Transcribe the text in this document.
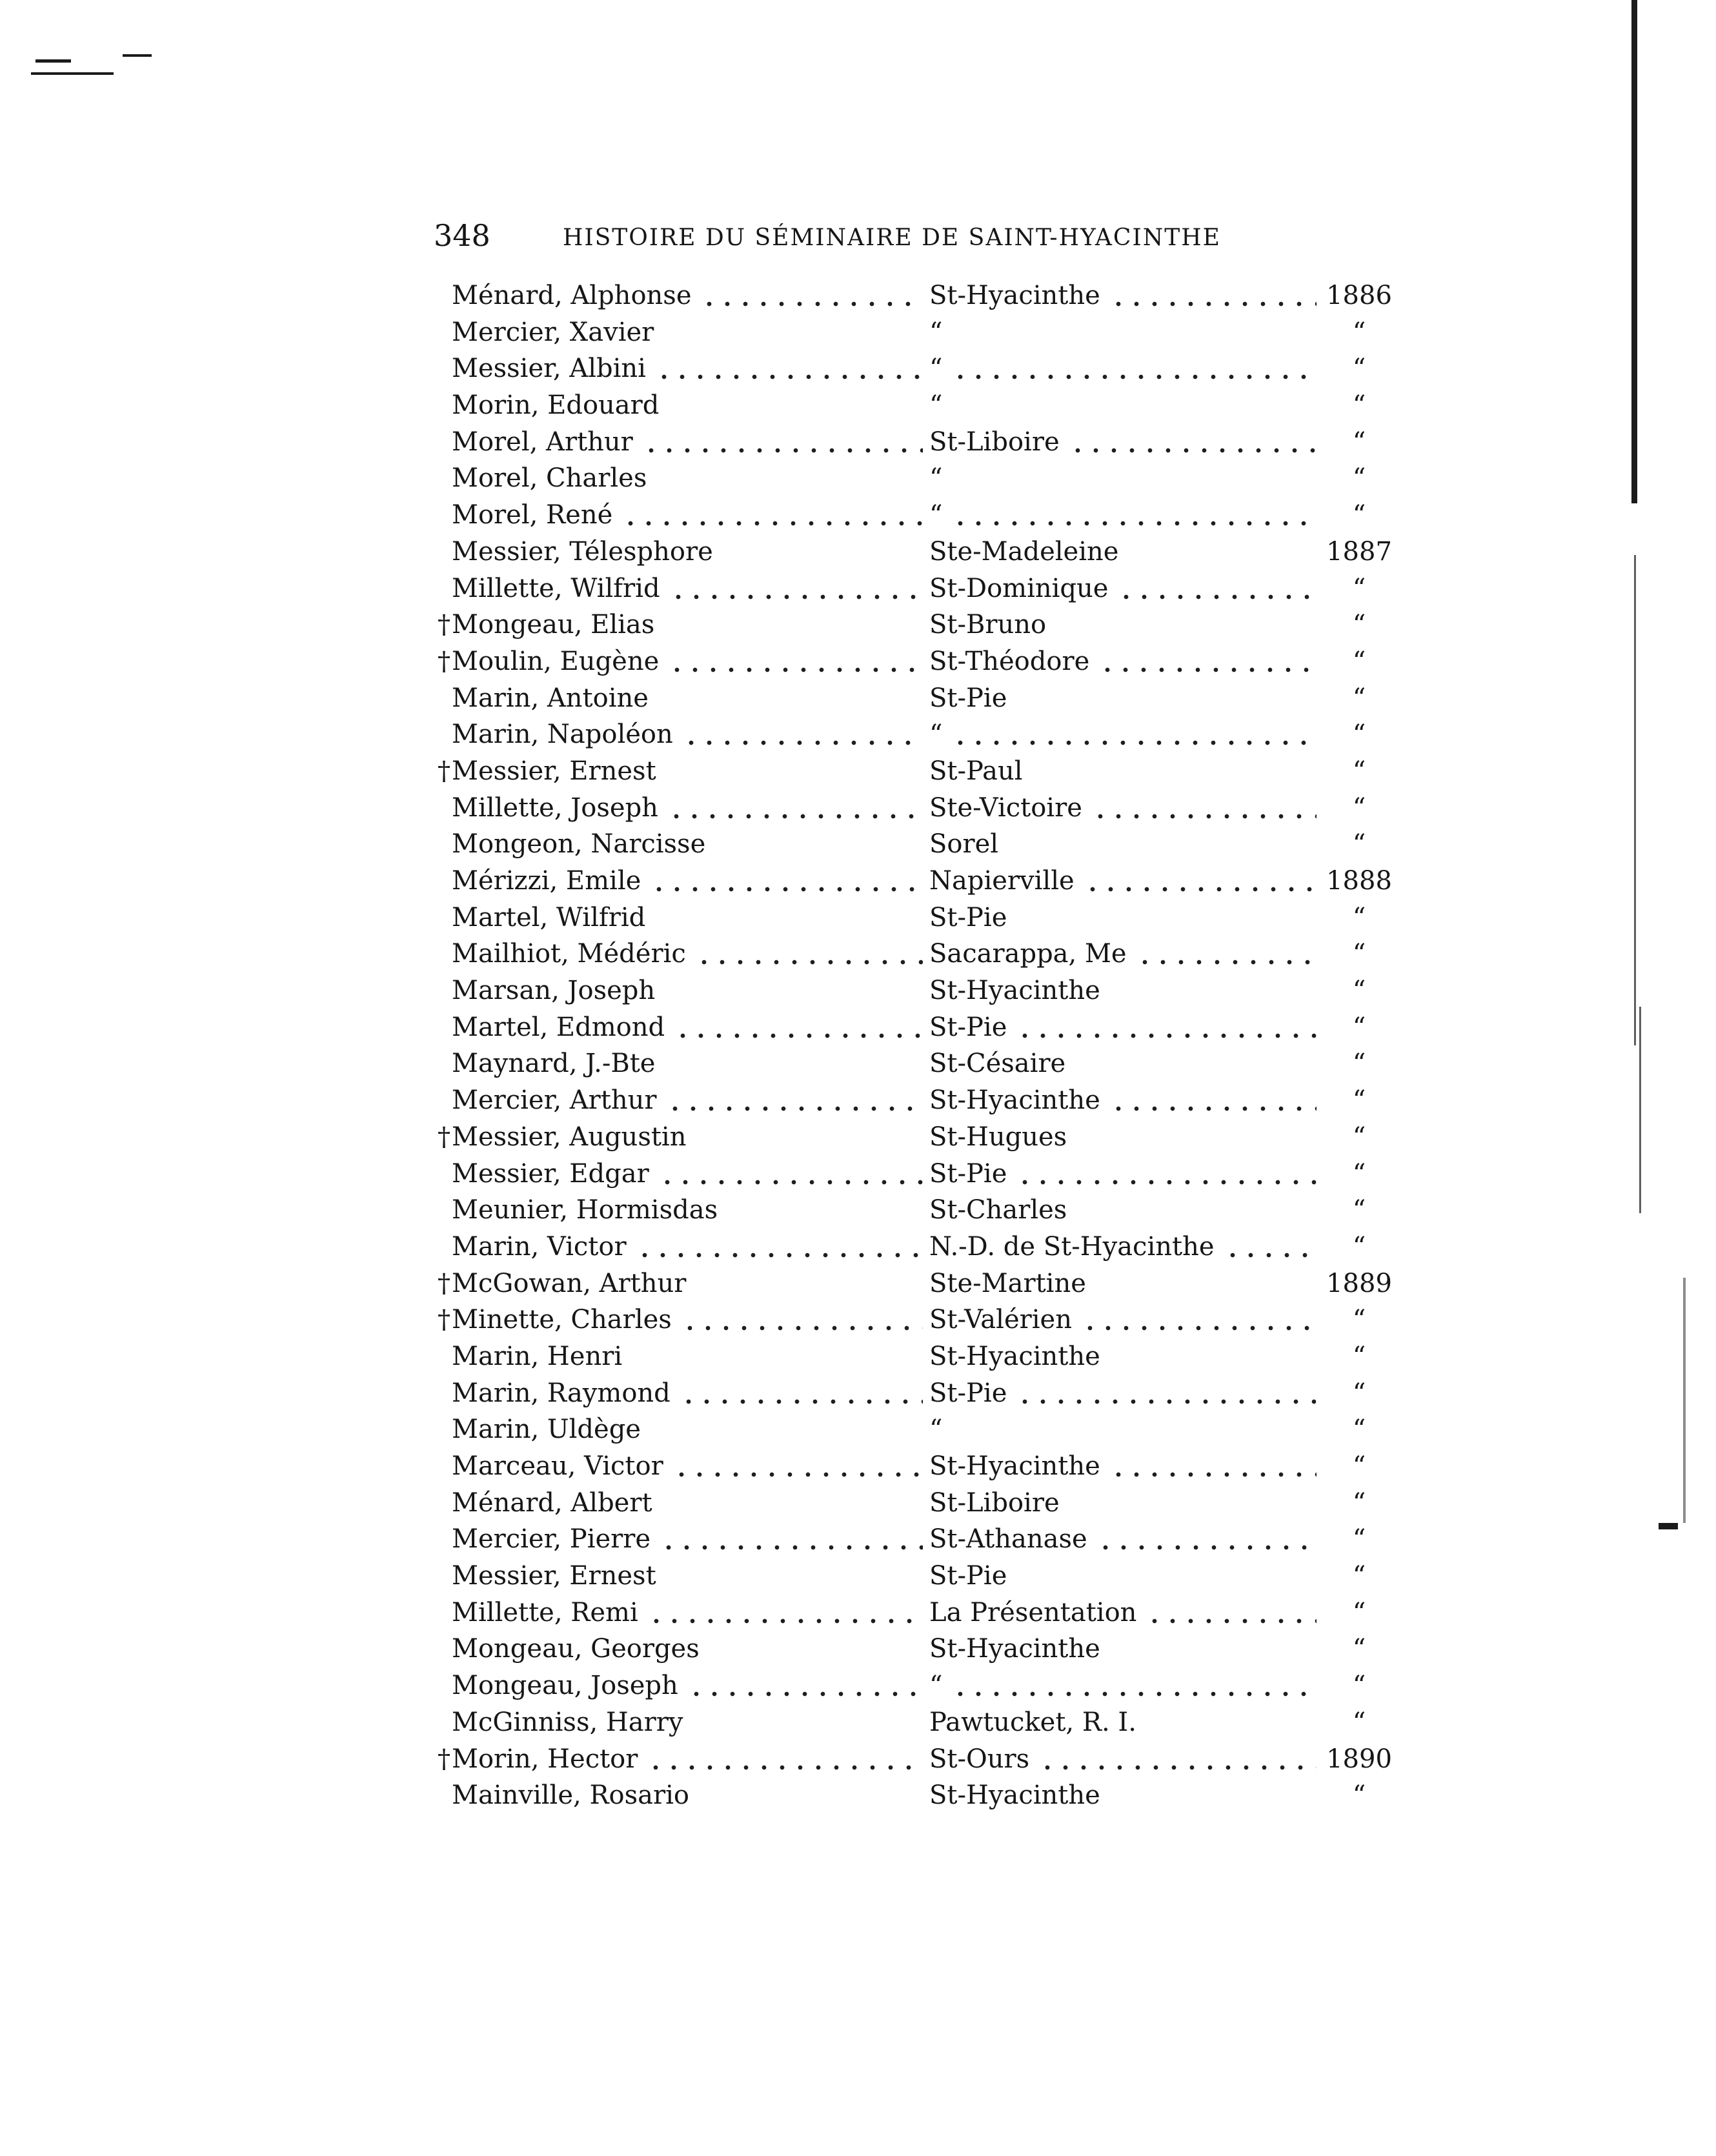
348	HISTOIRE DU SÉMINAIRE DE SAINT-HYACINTHE
Ménard, Alphonse	St-Hyacinthe	1886
Mercier, Xavier	“	“
Messier, Albini	“	“
Morin, Edouard	“	“
Morel, Arthur	St-Liboire	“
Morel, Charles	“	“
Morel, René	“	“
Messier, Télesphore	Ste-Madeleine	1887
Millette, Wilfrid	St-Dominique	“
†Mongeau, Elias	St-Bruno	“
†Moulin, Eugène	St-Théodore	“
Marin, Antoine	St-Pie	“
Marin, Napoléon	“	“
†Messier, Ernest	St-Paul	“
Millette, Joseph	Ste-Victoire	“
Mongeon, Narcisse	Sorel	“
Mérizzi, Emile	Napierville	1888
Martel, Wilfrid	St-Pie	“
Mailhiot, Médéric	Sacarappa, Me	“
Marsan, Joseph	St-Hyacinthe	“
Martel, Edmond	St-Pie	“
Maynard, J.-Bte	St-Césaire	“
Mercier, Arthur	St-Hyacinthe	“
†Messier, Augustin	St-Hugues	“
Messier, Edgar	St-Pie	“
Meunier, Hormisdas	St-Charles	“
Marin, Victor	N.-D. de St-Hyacinthe	“
†McGowan, Arthur	Ste-Martine	1889
†Minette, Charles	St-Valérien	“
Marin, Henri	St-Hyacinthe	“
Marin, Raymond	St-Pie	“
Marin, Uldège	“	“
Marceau, Victor	St-Hyacinthe	“
Ménard, Albert	St-Liboire	“
Mercier, Pierre	St-Athanase	“
Messier, Ernest	St-Pie	“
Millette, Remi	La Présentation	“
Mongeau, Georges	St-Hyacinthe	“
Mongeau, Joseph	“	“
McGinniss, Harry	Pawtucket, R. I.	“
†Morin, Hector	St-Ours	1890
Mainville, Rosario	St-Hyacinthe	“
